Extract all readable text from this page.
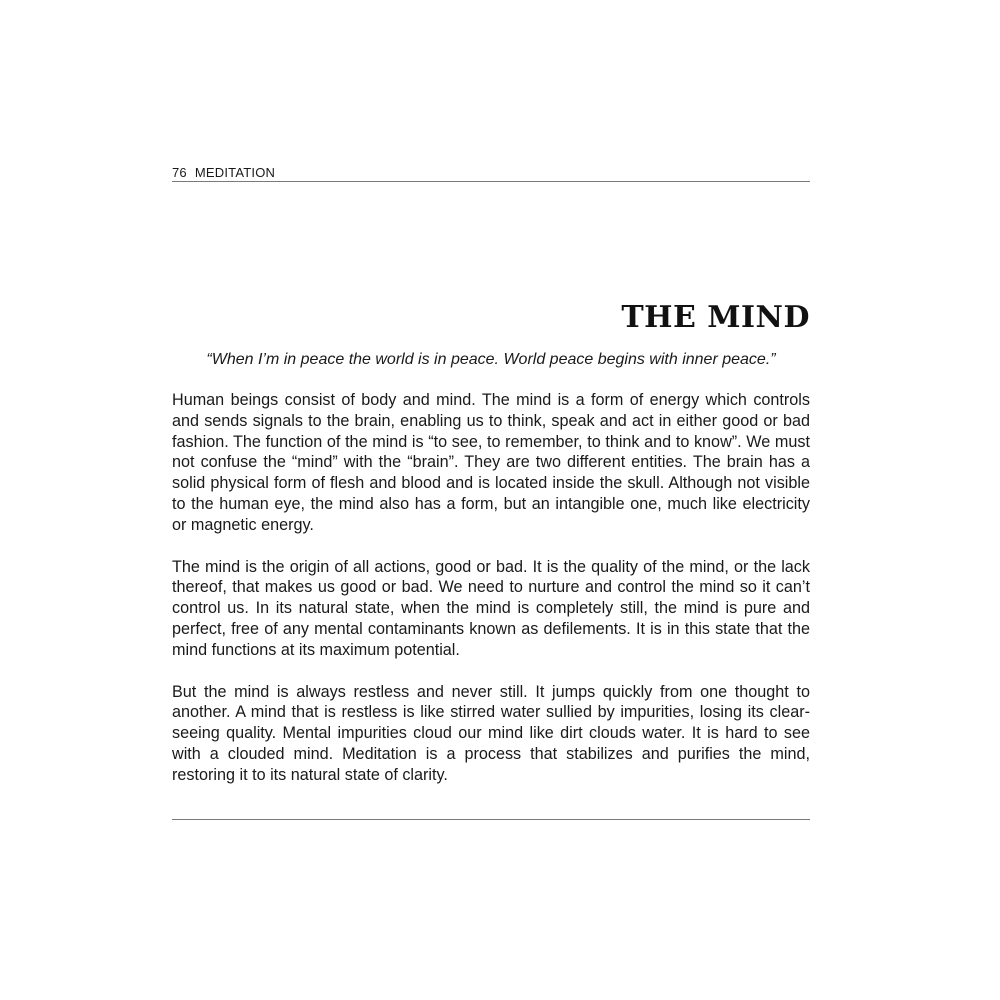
76 MEDITATION
THE MIND
“When I’m in peace the world is in peace. World peace begins with inner peace.”

Human beings consist of body and mind. The mind is a form of energy which controls and sends signals to the brain, enabling us to think, speak and act in either good or bad fashion. The function of the mind is “to see, to remember, to think and to know”. We must not confuse the “mind” with the “brain”. They are two different entities. The brain has a solid physical form of flesh and blood and is located inside the skull. Although not visible to the human eye, the mind also has a form, but an intangible one, much like electricity or magnetic energy.

The mind is the origin of all actions, good or bad. It is the quality of the mind, or the lack thereof, that makes us good or bad. We need to nurture and control the mind so it can’t control us. In its natural state, when the mind is completely still, the mind is pure and perfect, free of any mental contaminants known as defilements. It is in this state that the mind functions at its maximum potential.

But the mind is always restless and never still. It jumps quickly from one thought to another. A mind that is restless is like stirred water sullied by impurities, losing its clear-seeing quality. Mental impurities cloud our mind like dirt clouds water. It is hard to see with a clouded mind. Meditation is a process that stabilizes and purifies the mind, restoring it to its natural state of clarity.
